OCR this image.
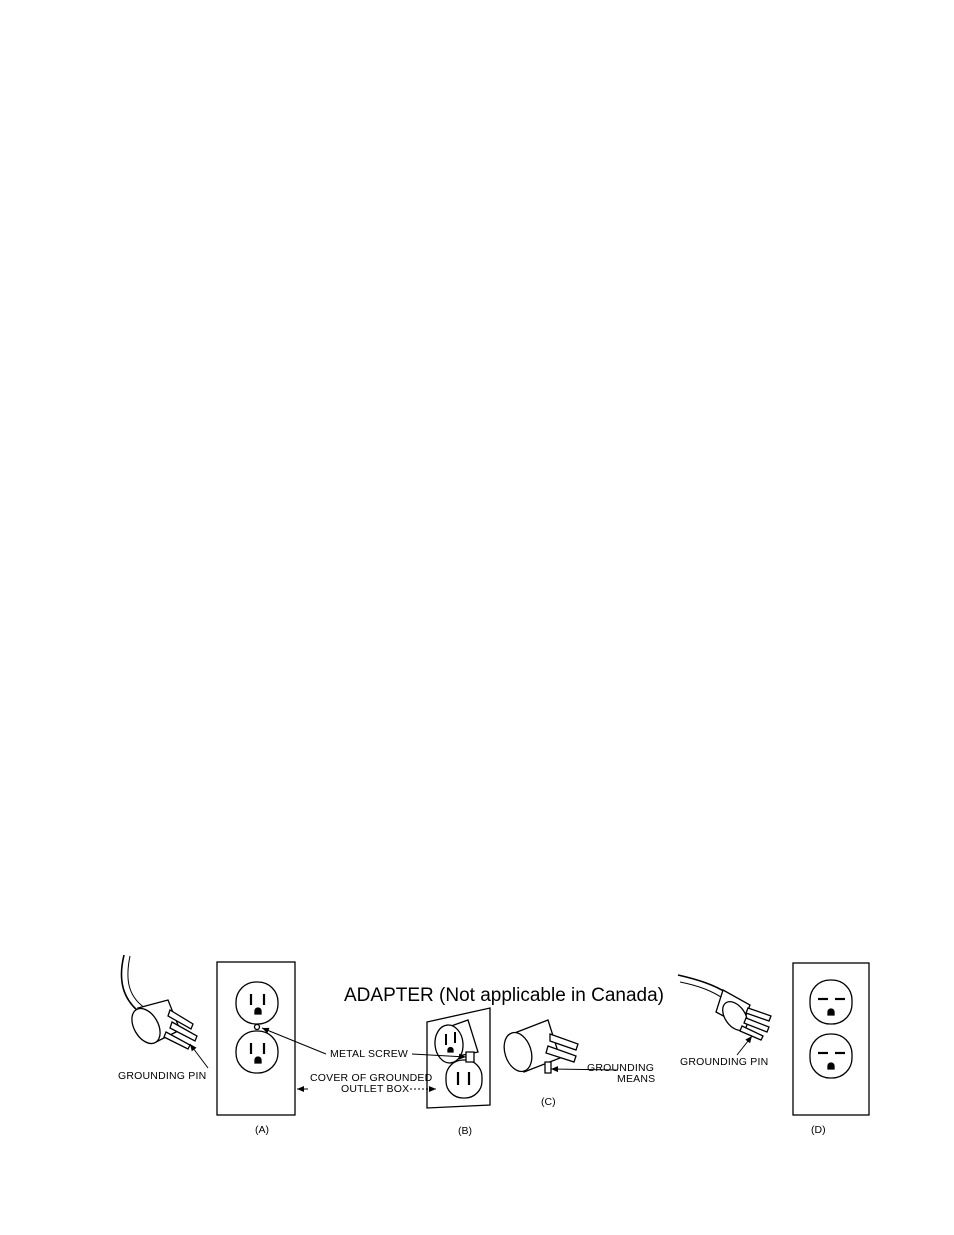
ADAPTER (Not applicable in Canada)
GROUNDING PIN
METAL SCREW
COVER OF GROUNDED
OUTLET BOX
GROUNDING
MEANS
GROUNDING PIN
(A)	(B)
(C)
(D)
